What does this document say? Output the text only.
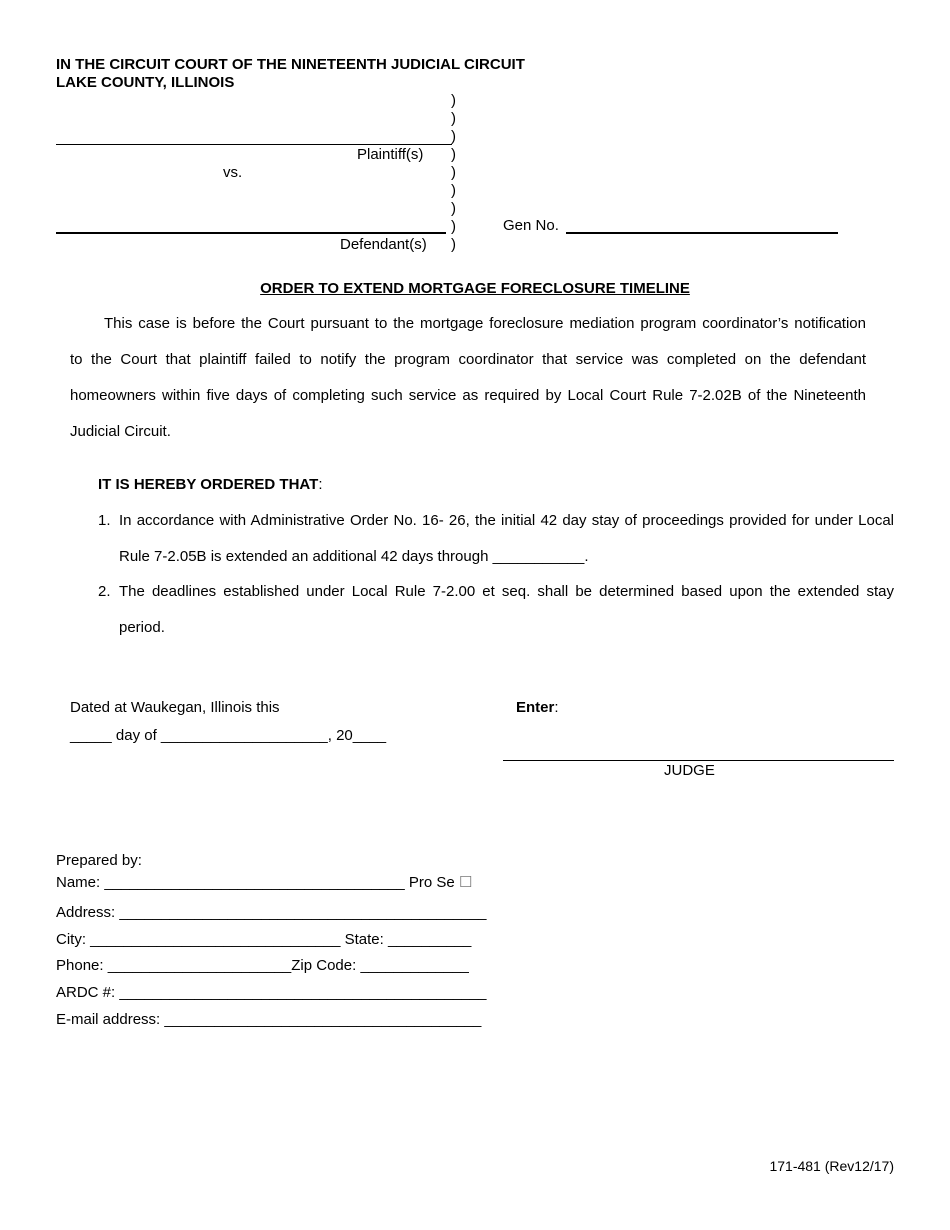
IN THE CIRCUIT COURT OF THE NINETEENTH JUDICIAL CIRCUIT
LAKE COUNTY, ILLINOIS
)
)
)
)
)
)
)
)
)
Plaintiff(s)
vs.
Defendant(s)
Gen No.
ORDER TO EXTEND MORTGAGE FORECLOSURE TIMELINE
This case is before the Court pursuant to the mortgage foreclosure mediation program coordinator’s notification
to the Court that plaintiff failed to notify the program coordinator that service was completed on the defendant
homeowners within five days of completing such service as required by Local Court Rule 7-2.02B of the Nineteenth
Judicial Circuit.
IT IS HEREBY ORDERED THAT:
1. In accordance with Administrative Order No. 16- 26, the initial 42 day stay of proceedings provided for under Local
Rule 7-2.05B is extended an additional 42 days through ___________.
2. The deadlines established under Local Rule 7-2.00 et seq. shall be determined based upon the extended stay
period.
Dated at Waukegan, Illinois this
_____ day of ____________________, 20____
Enter:
JUDGE
Prepared by:
Name: ____________________________________ Pro Se ☐
Address: ____________________________________________
City: ______________________________ State: __________
Phone: ______________________Zip Code: _____________
ARDC #: ____________________________________________
E-mail address: ______________________________________
171-481 (Rev12/17)
